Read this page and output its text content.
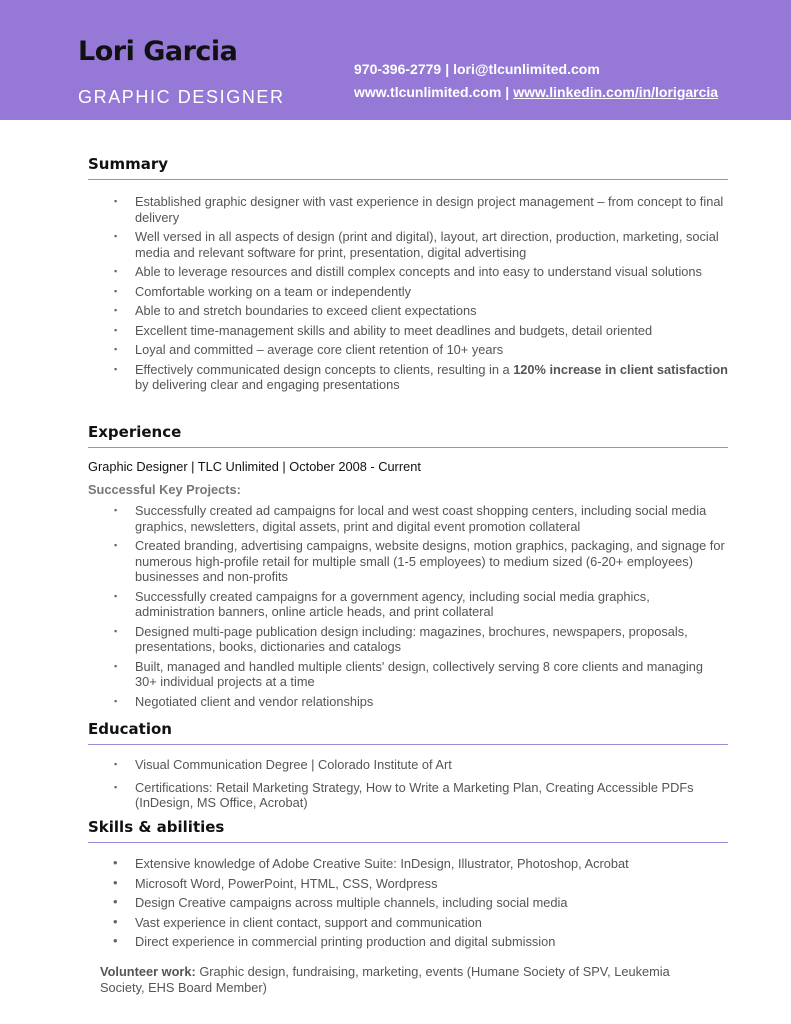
Lori Garcia
GRAPHIC DESIGNER
970-396-2779 | lori@tlcunlimited.com
www.tlcunlimited.com | www.linkedin.com/in/lorigarcia
Summary
▪ Established graphic designer with vast experience in design project management – from concept to final delivery
▪ Well versed in all aspects of design (print and digital), layout, art direction, production, marketing, social media and relevant software for print, presentation, digital advertising
▪ Able to leverage resources and distill complex concepts and into easy to understand visual solutions
▪ Comfortable working on a team or independently
▪ Able to and stretch boundaries to exceed client expectations
▪ Excellent time-management skills and ability to meet deadlines and budgets, detail oriented
▪ Loyal and committed – average core client retention of 10+ years
▪ Effectively communicated design concepts to clients, resulting in a 120% increase in client satisfaction by delivering clear and engaging presentations
Experience
Graphic Designer | TLC Unlimited | October 2008 - Current
Successful Key Projects:
▪ Successfully created ad campaigns for local and west coast shopping centers, including social media graphics, newsletters, digital assets, print and digital event promotion collateral
▪ Created branding, advertising campaigns, website designs, motion graphics, packaging, and signage for numerous high-profile retail for multiple small (1-5 employees) to medium sized (6-20+ employees) businesses and non-profits
▪ Successfully created campaigns for a government agency, including social media graphics, administration banners, online article heads, and print collateral
▪ Designed multi-page publication design including: magazines, brochures, newspapers, proposals, presentations, books, dictionaries and catalogs
▪ Built, managed and handled multiple clients' design, collectively serving 8 core clients and managing 30+ individual projects at a time
▪ Negotiated client and vendor relationships
Education
▪ Visual Communication Degree | Colorado Institute of Art
▪ Certifications: Retail Marketing Strategy, How to Write a Marketing Plan, Creating Accessible PDFs (InDesign, MS Office, Acrobat)
Skills & abilities
• Extensive knowledge of Adobe Creative Suite: InDesign, Illustrator, Photoshop, Acrobat
• Microsoft Word, PowerPoint, HTML, CSS, Wordpress
• Design Creative campaigns across multiple channels, including social media
• Vast experience in client contact, support and communication
• Direct experience in commercial printing production and digital submission
Volunteer work: Graphic design, fundraising, marketing, events (Humane Society of SPV, Leukemia Society, EHS Board Member)
